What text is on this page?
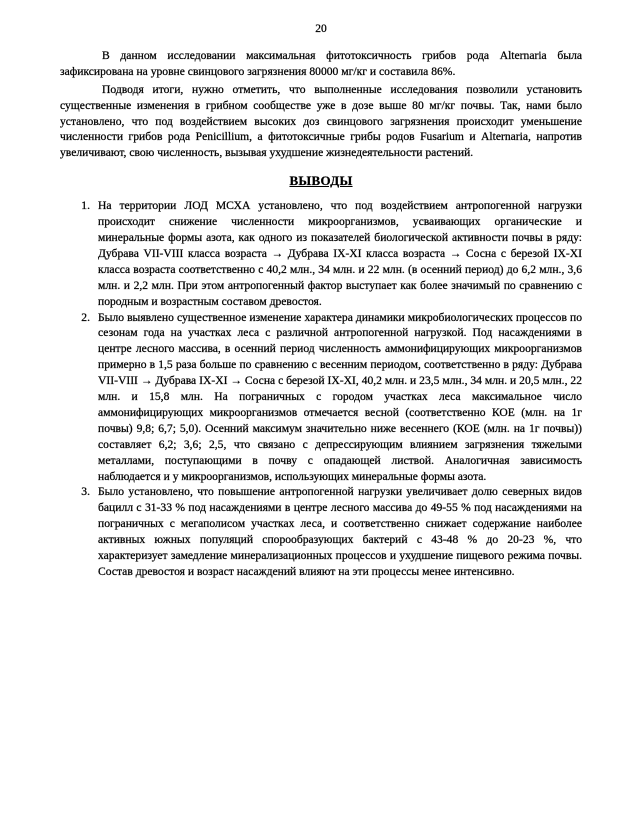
20

В данном исследовании максимальная фитотоксичность грибов рода Alternaria была зафиксирована на уровне свинцового загрязнения 80000 мг/кг и составила 86%.

Подводя итоги, нужно отметить, что выполненные исследования позволили установить существенные изменения в грибном сообществе уже в дозе выше 80 мг/кг почвы. Так, нами было установлено, что под воздействием высоких доз свинцового загрязнения происходит уменьшение численности грибов рода Penicillium, а фитотоксичные грибы родов Fusarium и Alternaria, напротив увеличивают, свою численность, вызывая ухудшение жизнедеятельности растений.

ВЫВОДЫ
1. На территории ЛОД МСХА установлено, что под воздействием антропогенной нагрузки происходит снижение численности микроорганизмов, усваивающих органические и минеральные формы азота, как одного из показателей биологической активности почвы в ряду: Дубрава VII-VIII класса возраста → Дубрава IX-XI класса возраста → Сосна с березой IX-XI класса возраста соответственно с 40,2 млн., 34 млн. и 22 млн. (в осенний период) до 6,2 млн., 3,6 млн. и 2,2 млн. При этом антропогенный фактор выступает как более значимый по сравнению с породным и возрастным составом древостоя.
2. Было выявлено существенное изменение характера динамики микробиологических процессов по сезонам года на участках леса с различной антропогенной нагрузкой. Под насаждениями в центре лесного массива, в осенний период численность аммонифицирующих микроорганизмов примерно в 1,5 раза больше по сравнению с весенним периодом, соответственно в ряду: Дубрава VII-VIII → Дубрава IX-XI → Сосна с березой IX-XI, 40,2 млн. и 23,5 млн., 34 млн. и 20,5 млн., 22 млн. и 15,8 млн. На пограничных с городом участках леса максимальное число аммонифицирующих микроорганизмов отмечается весной (соответственно КОЕ (млн. на 1г почвы) 9,8; 6,7; 5,0). Осенний максимум значительно ниже весеннего (КОЕ (млн. на 1г почвы)) составляет 6,2; 3,6; 2,5, что связано с депрессирующим влиянием загрязнения тяжелыми металлами, поступающими в почву с опадающей листвой. Аналогичная зависимость наблюдается и у микроорганизмов, использующих минеральные формы азота.
3. Было установлено, что повышение антропогенной нагрузки увеличивает долю северных видов бацилл с 31-33 % под насаждениями в центре лесного массива до 49-55 % под насаждениями на пограничных с мегаполисом участках леса, и соответственно снижает содержание наиболее активных южных популяций спорообразующих бактерий с 43-48 % до 20-23 %, что характеризует замедление минерализационных процессов и ухудшение пищевого режима почвы. Состав древостоя и возраст насаждений влияют на эти процессы менее интенсивно.
